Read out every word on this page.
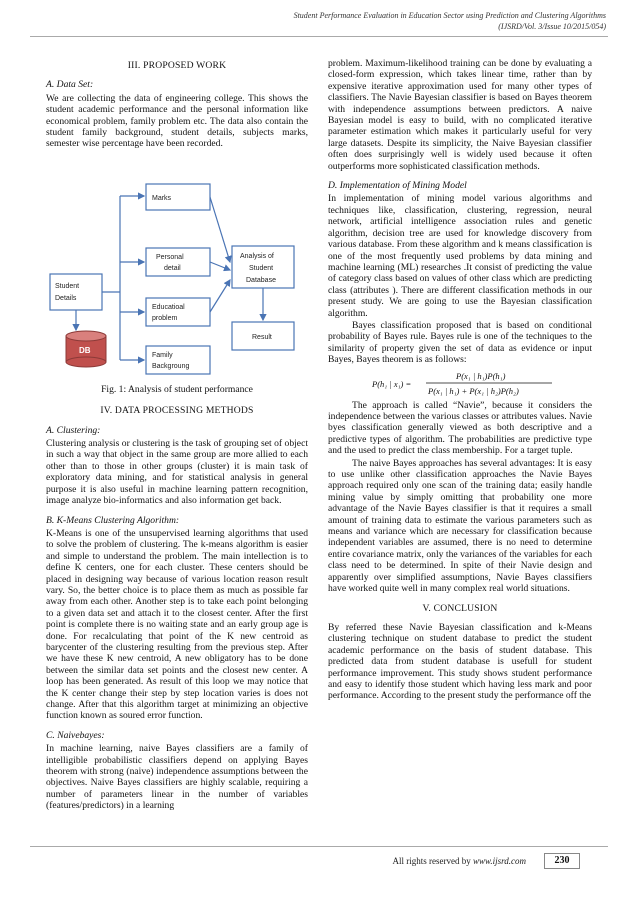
Student Performance Evaluation in Education Sector using Prediction and Clustering Algorithms
(IJSRD/Vol. 3/Issue 10/2015/054)
III. PROPOSED WORK
A. Data Set:

We are collecting the data of engineering college. This shows the student academic performance and the personal information like economical problem, family problem etc. The data also contain the student family background, student details, subjects marks, semester wise percentage have been recorded.

Student
Details
Marks
Personal
detail
Educatioal
problem
Family
Backgroung
Analysis of
Student
Database
Result
DB
Fig. 1: Analysis of student performance
IV. DATA PROCESSING METHODS
A. Clustering:

Clustering analysis or clustering is the task of grouping set of object in such a way that object in the same group are more allied to each other than to those in other groups (cluster) it is main task of exploratory data mining, and for statistical analysis in general purpose it is also useful in machine learning pattern recognition, image analyze bio-informatics and also information get back.

B. K-Means Clustering Algorithm:

K-Means is one of the unsupervised learning algorithms that used to solve the problem of clustering. The k-means algorithm is easier and simple to understand the problem. The main intellection is to define K centers, one for each cluster. These centers should be placed in designing way because of various location reason result vary. So, the better choice is to place them as much as possible far away from each other. Another step is to take each point belonging to a given data set and attach it to the closest center. After the first point is complete there is no waiting state and an early group age is done. For recalculating that point of the K new centroid as barycenter of the clustering resulting from the previous step. After we have these K new centroid, A new obligatory has to be done between the similar data set points and the closest new center. A loop has been generated. As result of this loop we may notice that the K center change their step by step location varies is does not change. After that this algorithm target at minimizing an objective function known as soured error function.

C. Naivebayes:

In machine learning, naive Bayes classifiers are a family of intelligible probabilistic classifiers depend on applying Bayes theorem with strong (naive) independence assumptions between the objectives. Naive Bayes classifiers are highly scalable, requiring a number of parameters linear in the number of variables (features/predictors) in a learning

problem. Maximum-likelihood training can be done by evaluating a closed-form expression, which takes linear time, rather than by expensive iterative approximation used for many other types of classifiers. The Navie Bayesian classifier is based on Bayes theorem with independence assumptions between predictors. A naive Bayesian model is easy to build, with no complicated iterative parameter estimation which makes it particularly useful for very large datasets. Despite its simplicity, the Naive Bayesian classifier often does surprisingly well is widely used because it often outperforms more sophisticated classification methods.

D. Implementation of Mining Model

In implementation of mining model various algorithms and techniques like, classification, clustering, regression, neural network, artificial intelligence association rules and genetic algorithm, decision tree are used for knowledge discovery from various database. From these algorithm and k means classification is one of the most frequently used problems by data mining and machine learning (ML) researches .It consist of predicting the value of category class based on values of other class which are predicting class (attributes ). There are different classification methods in our present study. We are going to use the Bayesian classification algorithm.

Bayes classification proposed that is based on conditional probability of Bayes rule. Bayes rule is one of the techniques to the similarity of property given the set of data as evidence or input Bayes, Bayes theorem is as follows:

P(h₁ | x₁) =
P(x₁ | h₁)P(h₁)
P(x₁ | h₁) + P(x₁ | h₂)P(h₂)

The approach is called “Navie”, because it considers the independence between the various classes or attributes values. Navie byes classification generally viewed as both descriptive and a predictive types of algorithm. The probabilities are predictive type and the used to predict the class membership. For a target tuple.

The naive Bayes approaches has several advantages: It is easy to use unlike other classification approaches the Navie Bayes approach required only one scan of the training data; easily handle mining value by simply omitting that probability one more advantage of the Navie Bayes classifier is that it requires a small amount of training data to estimate the various parameters such as means and variance which are necessary for classification because independent variables are assumed, there is no need to determine entire covariance matrix, only the variances of the variables for each class need to be determined. In spite of their Navie design and apparently over simplified assumptions, Navie Bayes classifiers have worked quite well in many complex real world situations.

V. CONCLUSION

By referred these Navie Bayesian classification and k-Means clustering technique on student database to predict the student academic performance on the basis of student database. This predicted data from student database is usefull for student performance improvement. This study shows student performance and easy to identify those student which having less mark and poor performance. According to the present study the performance off the

All rights reserved by www.ijsrd.com	230
